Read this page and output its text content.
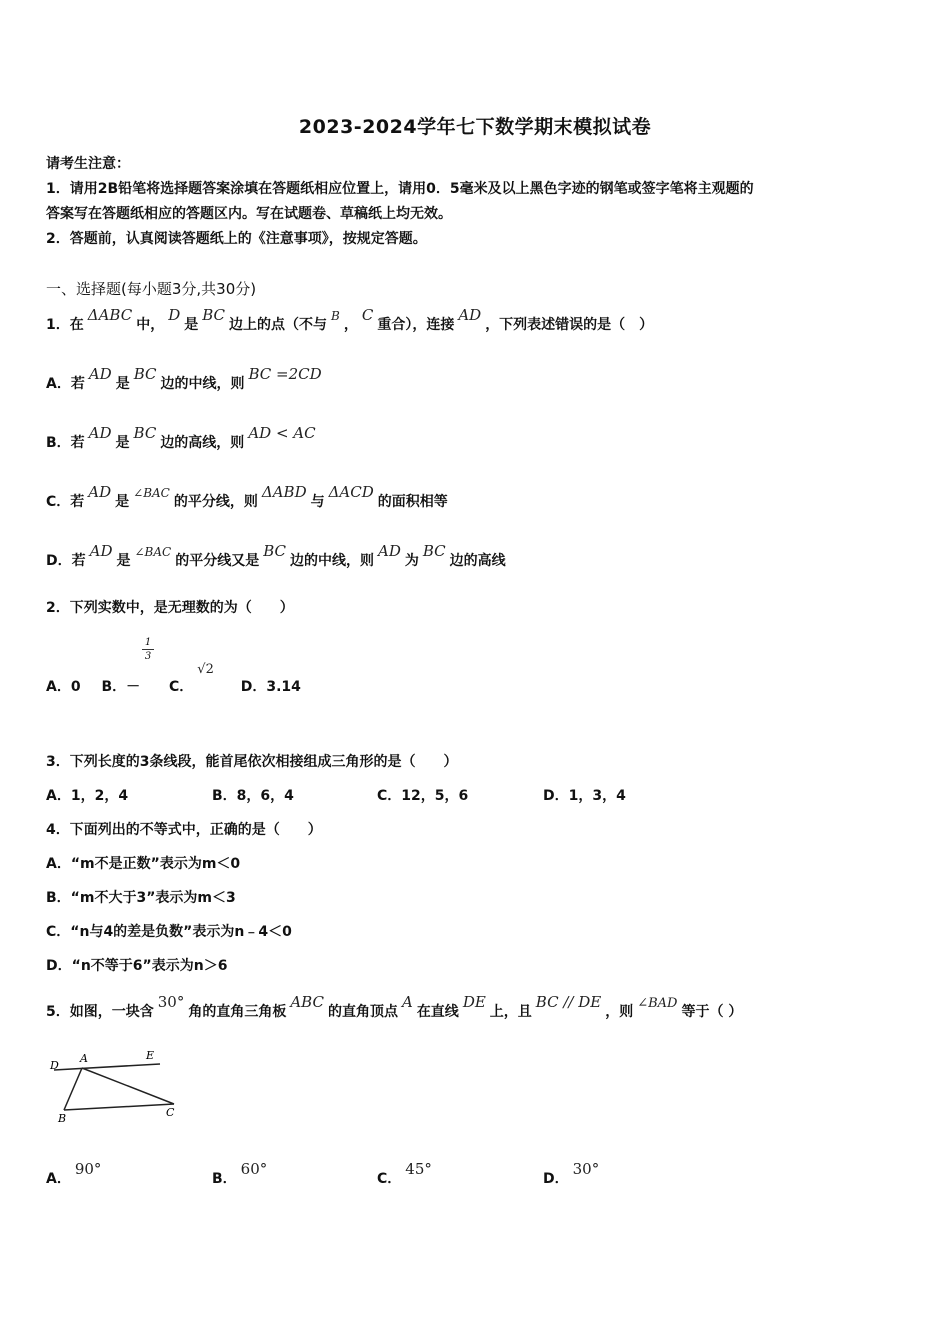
2023-2024学年七下数学期末模拟试卷
请考生注意：
1．请用2B铅笔将选择题答案涂填在答题纸相应位置上，请用0．5毫米及以上黑色字迹的钢笔或签字笔将主观题的
答案写在答题纸相应的答题区内。写在试题卷、草稿纸上均无效。
2．答题前，认真阅读答题纸上的《注意事项》，按规定答题。
一、选择题(每小题3分,共30分)
1．在ΔABC中，D是BC边上的点（不与B，C重合），连接AD，下列表述错误的是（　）
A．若AD是BC边的中线，则BC =2CD
B．若AD是BC边的高线，则AD < AC
C．若AD是∠BAC的平分线，则ΔABD与ΔACD的面积相等
D．若AD是∠BAC的平分线又是BC边的中线，则AD为BC边的高线
2．下列实数中，是无理数的为（　　）
1
3
A．0 B．－ C．√2 D．3.14
3．下列长度的3条线段，能首尾依次相接组成三角形的是（　　）
A．1，2，4	B．8，6，4	C．12，5，6	D．1，3，4
4．下面列出的不等式中，正确的是（　　）
A．“m不是正数”表示为m＜0
B．“m不大于3”表示为m＜3
C．“n与4的差是负数”表示为n﹣4＜0
D．“n不等于6”表示为n＞6
5．如图，一块含30°角的直角三角板ABC的直角顶点A在直线DE上，且BC // DE，则∠BAD等于（ ）
D
A	E
B	C
A．90°
B．60°
C．45°
D．30°
